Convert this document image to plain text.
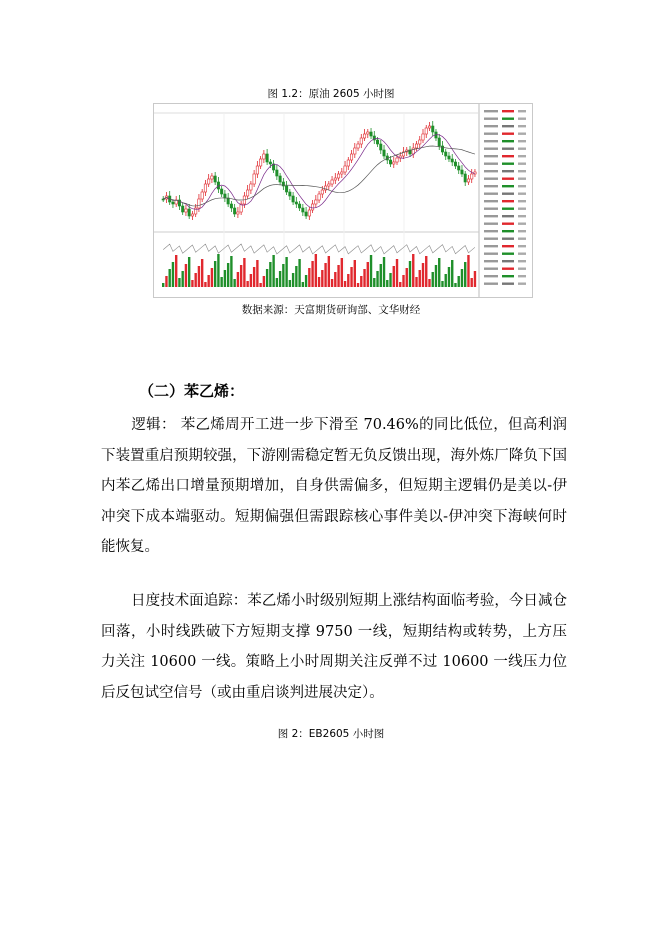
图 1.2：原油 2605 小时图
数据来源：天富期货研询部、文华财经
（二）苯乙烯：
逻辑： 苯乙烯周开工进一步下滑至 70.46%的同比低位，但高利润下装置重启预期较强，下游刚需稳定暂无负反馈出现，海外炼厂降负下国内苯乙烯出口增量预期增加，自身供需偏多，但短期主逻辑仍是美以-伊冲突下成本端驱动。短期偏强但需跟踪核心事件美以-伊冲突下海峡何时能恢复。
日度技术面追踪：苯乙烯小时级别短期上涨结构面临考验，今日减仓回落，小时线跌破下方短期支撑 9750 一线，短期结构或转势，上方压力关注 10600 一线。策略上小时周期关注反弹不过 10600 一线压力位后反包试空信号（或由重启谈判进展决定）。
图 2：EB2605 小时图
